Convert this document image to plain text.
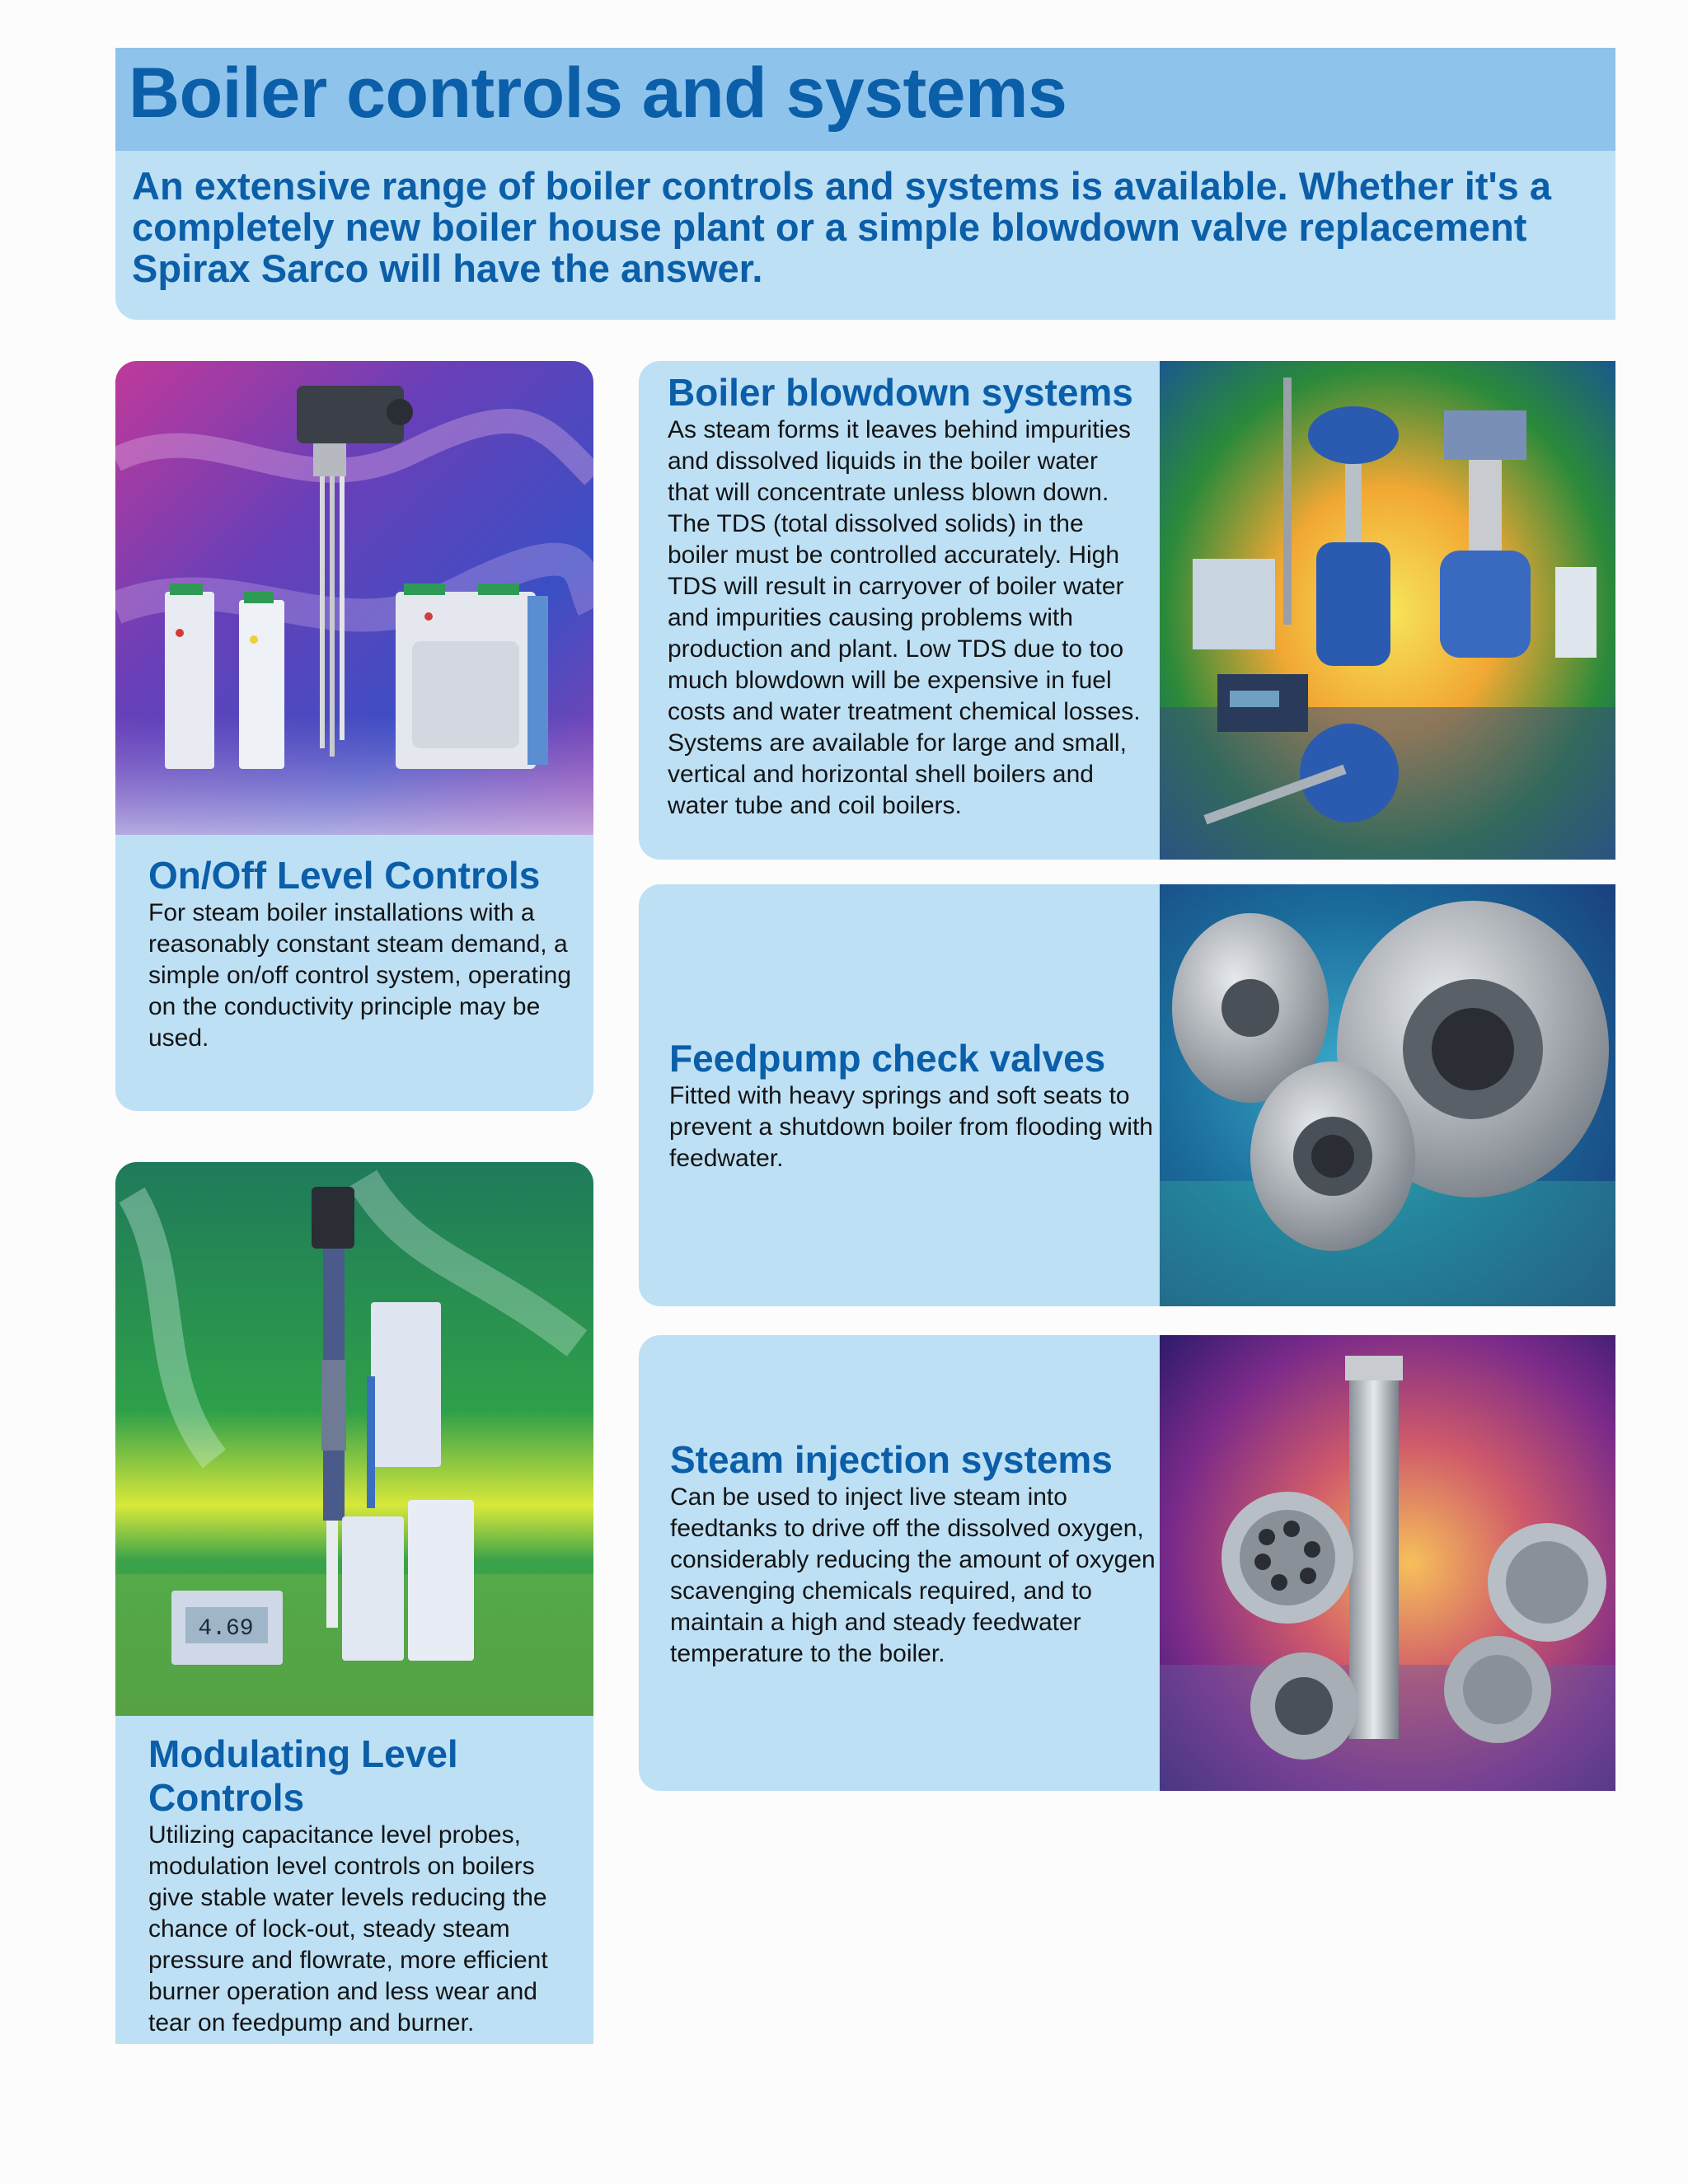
Boiler controls and systems

An extensive range of boiler controls and systems is available. Whether it's a completely new boiler house plant or a simple blowdown valve replacement Spirax Sarco will have the answer.

On/Off Level Controls

For steam boiler installations with a reasonably constant steam demand, a simple on/off control system, operating on the conductivity principle may be used.

4.69
Modulating Level Controls

Utilizing capacitance level probes, modulation level controls on boilers give stable water levels reducing the chance of lock-out, steady steam pressure and flowrate, more efficient burner operation and less wear and tear on feedpump and burner.

Boiler blowdown systems

As steam forms it leaves behind impurities and dissolved liquids in the boiler water that will concentrate unless blown down. The TDS (total dissolved solids) in the boiler must be controlled accurately. High TDS will result in carryover of boiler water and impurities causing problems with production and plant. Low TDS due to too much blowdown will be expensive in fuel costs and water treatment chemical losses. Systems are available for large and small, vertical and horizontal shell boilers and water tube and coil boilers.

Feedpump check valves

Fitted with heavy springs and soft seats to prevent a shutdown boiler from flooding with feedwater.

Steam injection systems

Can be used to inject live steam into feedtanks to drive off the dissolved oxygen, considerably reducing the amount of oxygen scavenging chemicals required, and to maintain a high and steady feedwater temperature to the boiler.
